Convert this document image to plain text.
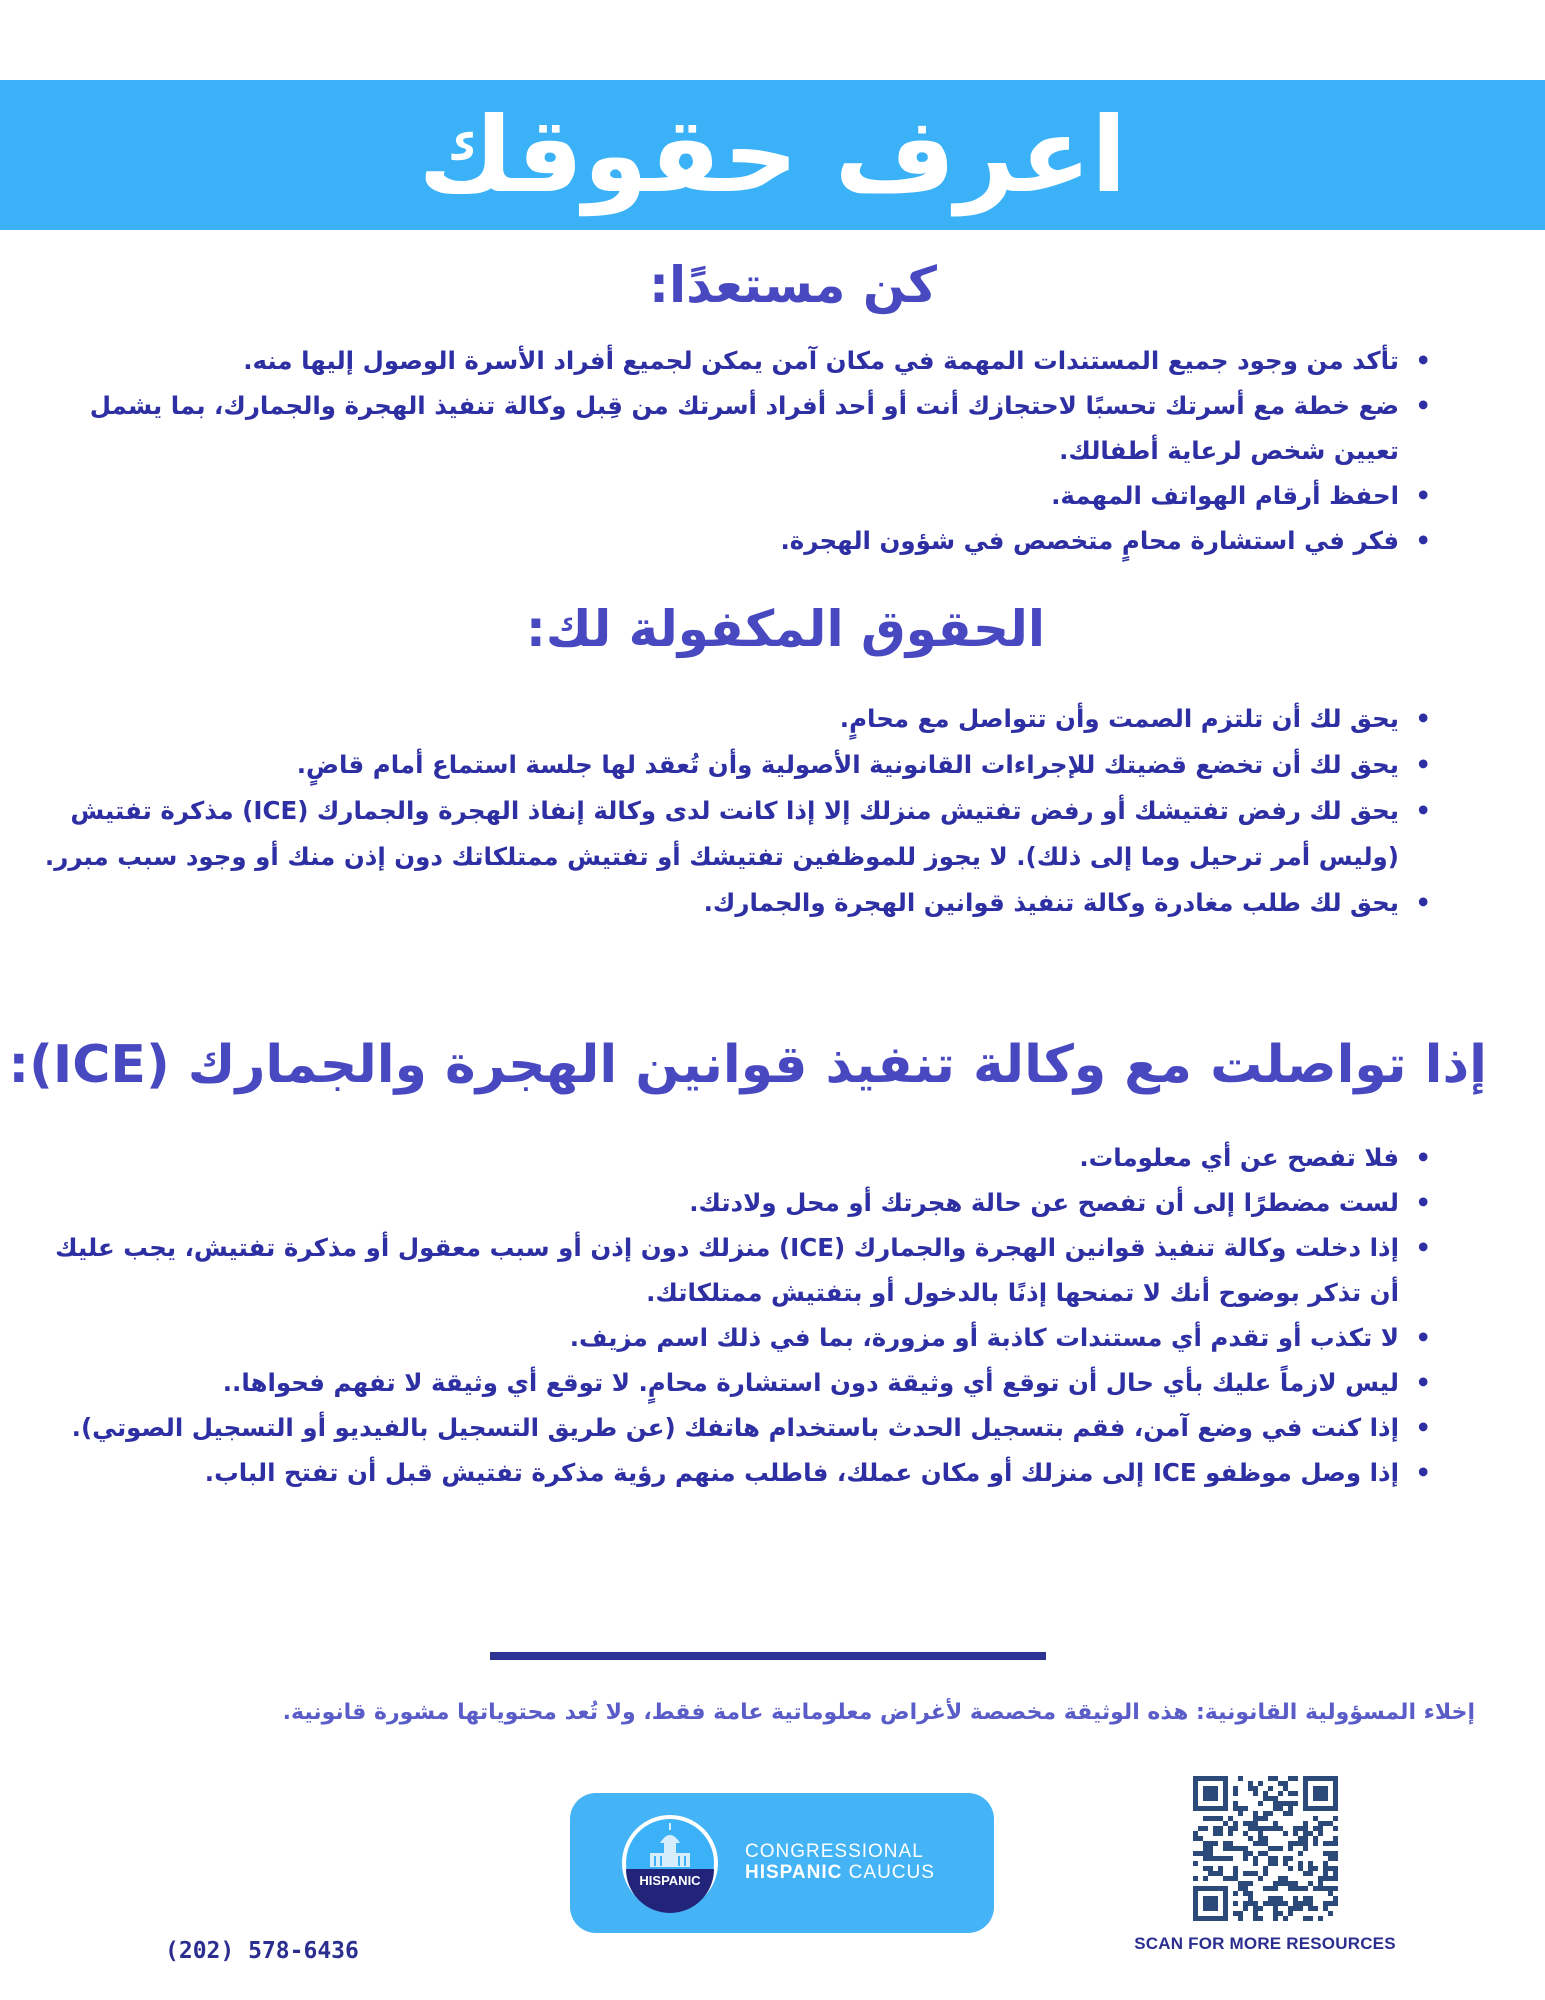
اعرف حقوقك
كن مستعدًا:
• تأكد من وجود جميع المستندات المهمة في مكان آمن يمكن لجميع أفراد الأسرة الوصول إليها منه.
• ضع خطة مع أسرتك تحسبًا لاحتجازك أنت أو أحد أفراد أسرتك من قِبل وكالة تنفيذ الهجرة والجمارك، بما يشمل تعيين شخص لرعاية أطفالك.
• احفظ أرقام الهواتف المهمة.
• فكر في استشارة محامٍ متخصص في شؤون الهجرة.
الحقوق المكفولة لك:
• يحق لك أن تلتزم الصمت وأن تتواصل مع محامٍ.
• يحق لك أن تخضع قضيتك للإجراءات القانونية الأصولية وأن تُعقد لها جلسة استماع أمام قاضٍ.
• يحق لك رفض تفتيشك أو رفض تفتيش منزلك إلا إذا كانت لدى وكالة إنفاذ الهجرة والجمارك (ICE) مذكرة تفتيش (وليس أمر ترحيل وما إلى ذلك). لا يجوز للموظفين تفتيشك أو تفتيش ممتلكاتك دون إذن منك أو وجود سبب مبرر.
• يحق لك طلب مغادرة وكالة تنفيذ قوانين الهجرة والجمارك.
إذا تواصلت مع وكالة تنفيذ قوانين الهجرة والجمارك (ICE):
• فلا تفصح عن أي معلومات.
• لست مضطرًا إلى أن تفصح عن حالة هجرتك أو محل ولادتك.
• إذا دخلت وكالة تنفيذ قوانين الهجرة والجمارك (ICE) منزلك دون إذن أو سبب معقول أو مذكرة تفتيش، يجب عليك أن تذكر بوضوح أنك لا تمنحها إذنًا بالدخول أو بتفتيش ممتلكاتك.
• لا تكذب أو تقدم أي مستندات كاذبة أو مزورة، بما في ذلك اسم مزيف.
• ليس لازماً عليك بأي حال أن توقع أي وثيقة دون استشارة محامٍ. لا توقع أي وثيقة لا تفهم فحواها..
• إذا كنت في وضع آمن، فقم بتسجيل الحدث باستخدام هاتفك (عن طريق التسجيل بالفيديو أو التسجيل الصوتي).
• إذا وصل موظفو ICE إلى منزلك أو مكان عملك، فاطلب منهم رؤية مذكرة تفتيش قبل أن تفتح الباب.

إخلاء المسؤولية القانونية: هذه الوثيقة مخصصة لأغراض معلوماتية عامة فقط، ولا تُعد محتوياتها مشورة قانونية.

HISPANIC
CONGRESSIONAL
HISPANIC CAUCUS

(202) 578-6436	SCAN FOR MORE RESOURCES
